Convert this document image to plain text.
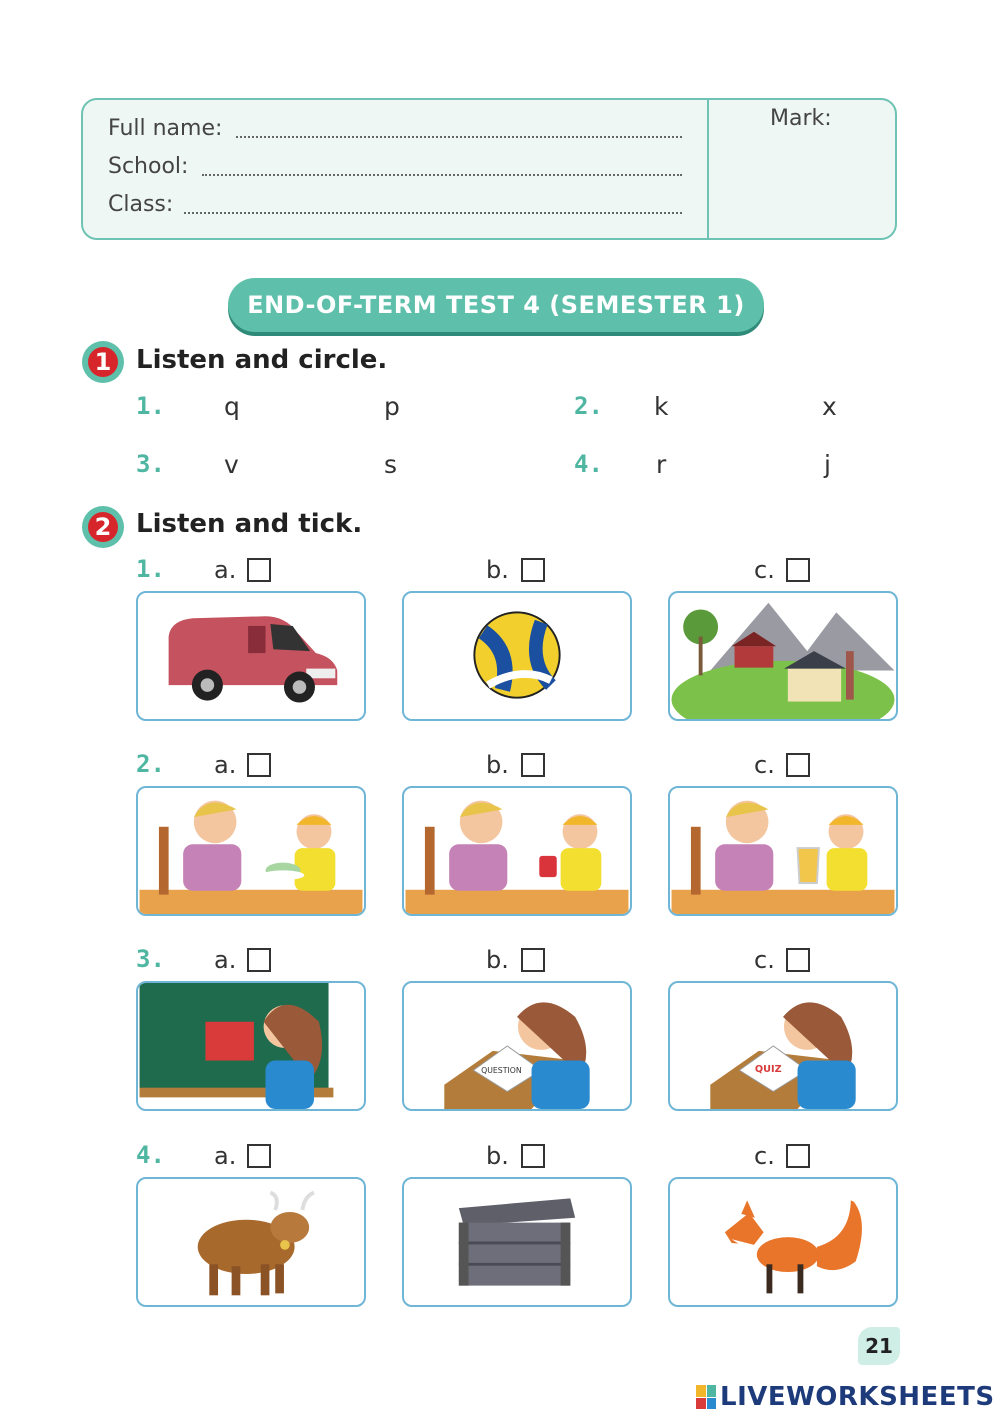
Full name:
School:
Class:
Mark:
END-OF-TERM TEST 4 (SEMESTER 1)
1 Listen and circle.
1. q	p	2. k	x
3. v	s	4. r	j
2 Listen and tick.
1. a.	b.	c.
2. a.	b.	c.
3. a.	b.	c.
QUESTION	QUIZ
4. a.	b.	c.
21
LIVEWORKSHEETS
